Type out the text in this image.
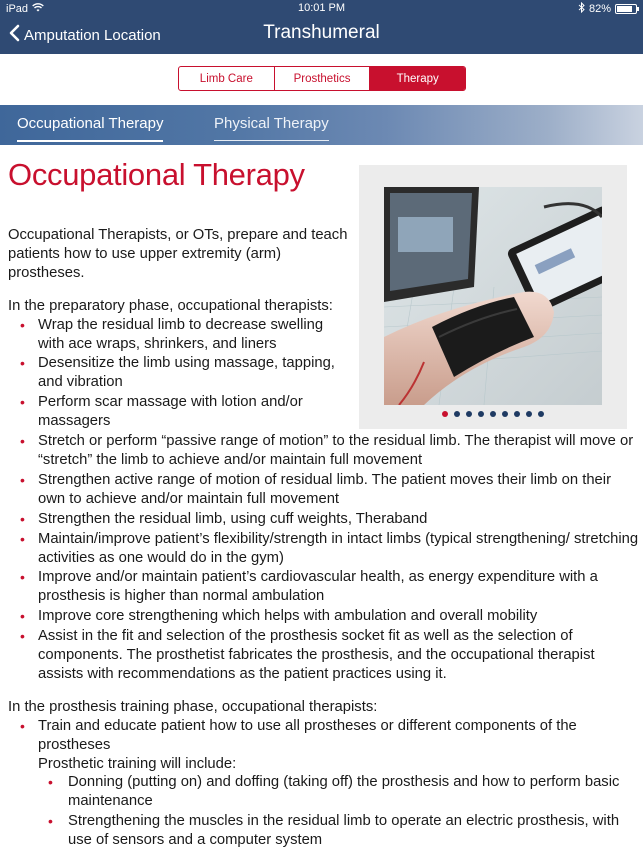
iPad	10:01 PM	82%
Amputation Location	Transhumeral
Limb Care	Prosthetics	Therapy
Occupational Therapy	Physical Therapy
Occupational Therapy

Occupational Therapists, or OTs, prepare and teach patients how to use upper extremity (arm) prostheses.

In the preparatory phase, occupational therapists:

• Wrap the residual limb to decrease swelling with ace wraps, shrinkers, and liners
• Desensitize the limb using massage, tapping, and vibration
• Perform scar massage with lotion and/or massagers
• Stretch or perform “passive range of motion” to the residual limb. The therapist will move or “stretch” the limb to achieve and/or maintain full movement
• Strengthen active range of motion of residual limb. The patient moves their limb on their own to achieve and/or maintain full movement
• Strengthen the residual limb, using cuff weights, Theraband
• Maintain/improve patient’s flexibility/strength in intact limbs (typical strengthening/ stretching activities as one would do in the gym)
• Improve and/or maintain patient’s cardiovascular health, as energy expenditure with a prosthesis is higher than normal ambulation
• Improve core strengthening which helps with ambulation and overall mobility
• Assist in the fit and selection of the prosthesis socket fit as well as the selection of components. The prosthetist fabricates the prosthesis, and the occupational therapist assists with recommendations as the patient practices using it.

In the prosthesis training phase, occupational therapists:

• Train and educate patient how to use all prostheses or different components of the prostheses
Prosthetic training will include:
• Donning (putting on) and doffing (taking off) the prosthesis and how to perform basic maintenance
• Strengthening the muscles in the residual limb to operate an electric prosthesis, with use of sensors and a computer system
